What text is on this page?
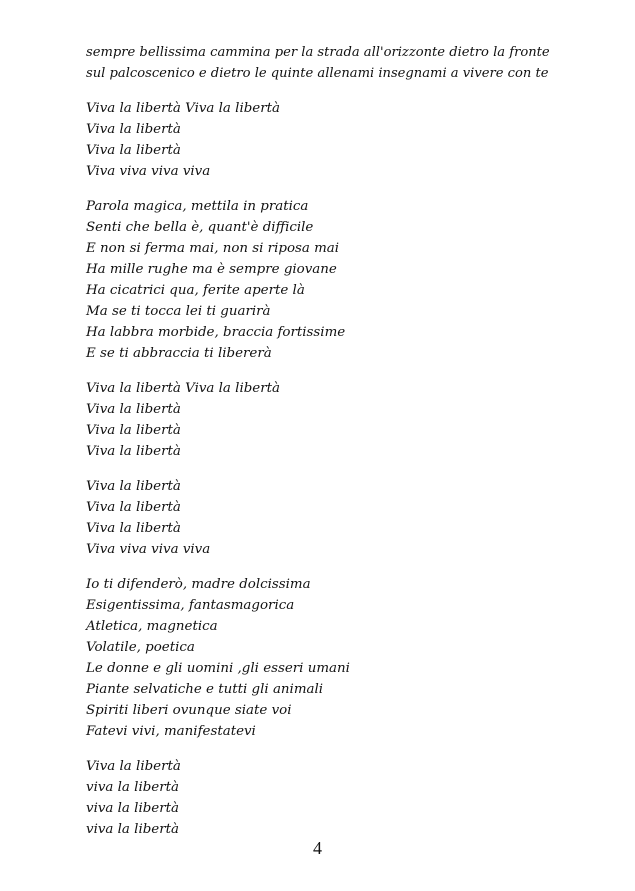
sempre bellissima cammina per la strada all'orizzonte dietro la fronte
sul palcoscenico e dietro le quinte allenami insegnami a vivere con te
Viva la libertà Viva la libertà
Viva la libertà
Viva la libertà
Viva viva viva viva
Parola magica, mettila in pratica
Senti che bella è, quant'è difficile
E non si ferma mai, non si riposa mai
Ha mille rughe ma è sempre giovane
Ha cicatrici qua, ferite aperte là
Ma se ti tocca lei ti guarirà
Ha labbra morbide, braccia fortissime
E se ti abbraccia ti libererà
Viva la libertà Viva la libertà
Viva la libertà
Viva la libertà
Viva la libertà
Viva la libertà
Viva la libertà
Viva la libertà
Viva viva viva viva
Io ti difenderò, madre dolcissima
Esigentissima, fantasmagorica
Atletica, magnetica
Volatile, poetica
Le donne e gli uomini ,gli esseri umani
Piante selvatiche e tutti gli animali
Spiriti liberi ovunque siate voi
Fatevi vivi, manifestatevi
Viva la libertà
viva la libertà
viva la libertà
viva la libertà
4
